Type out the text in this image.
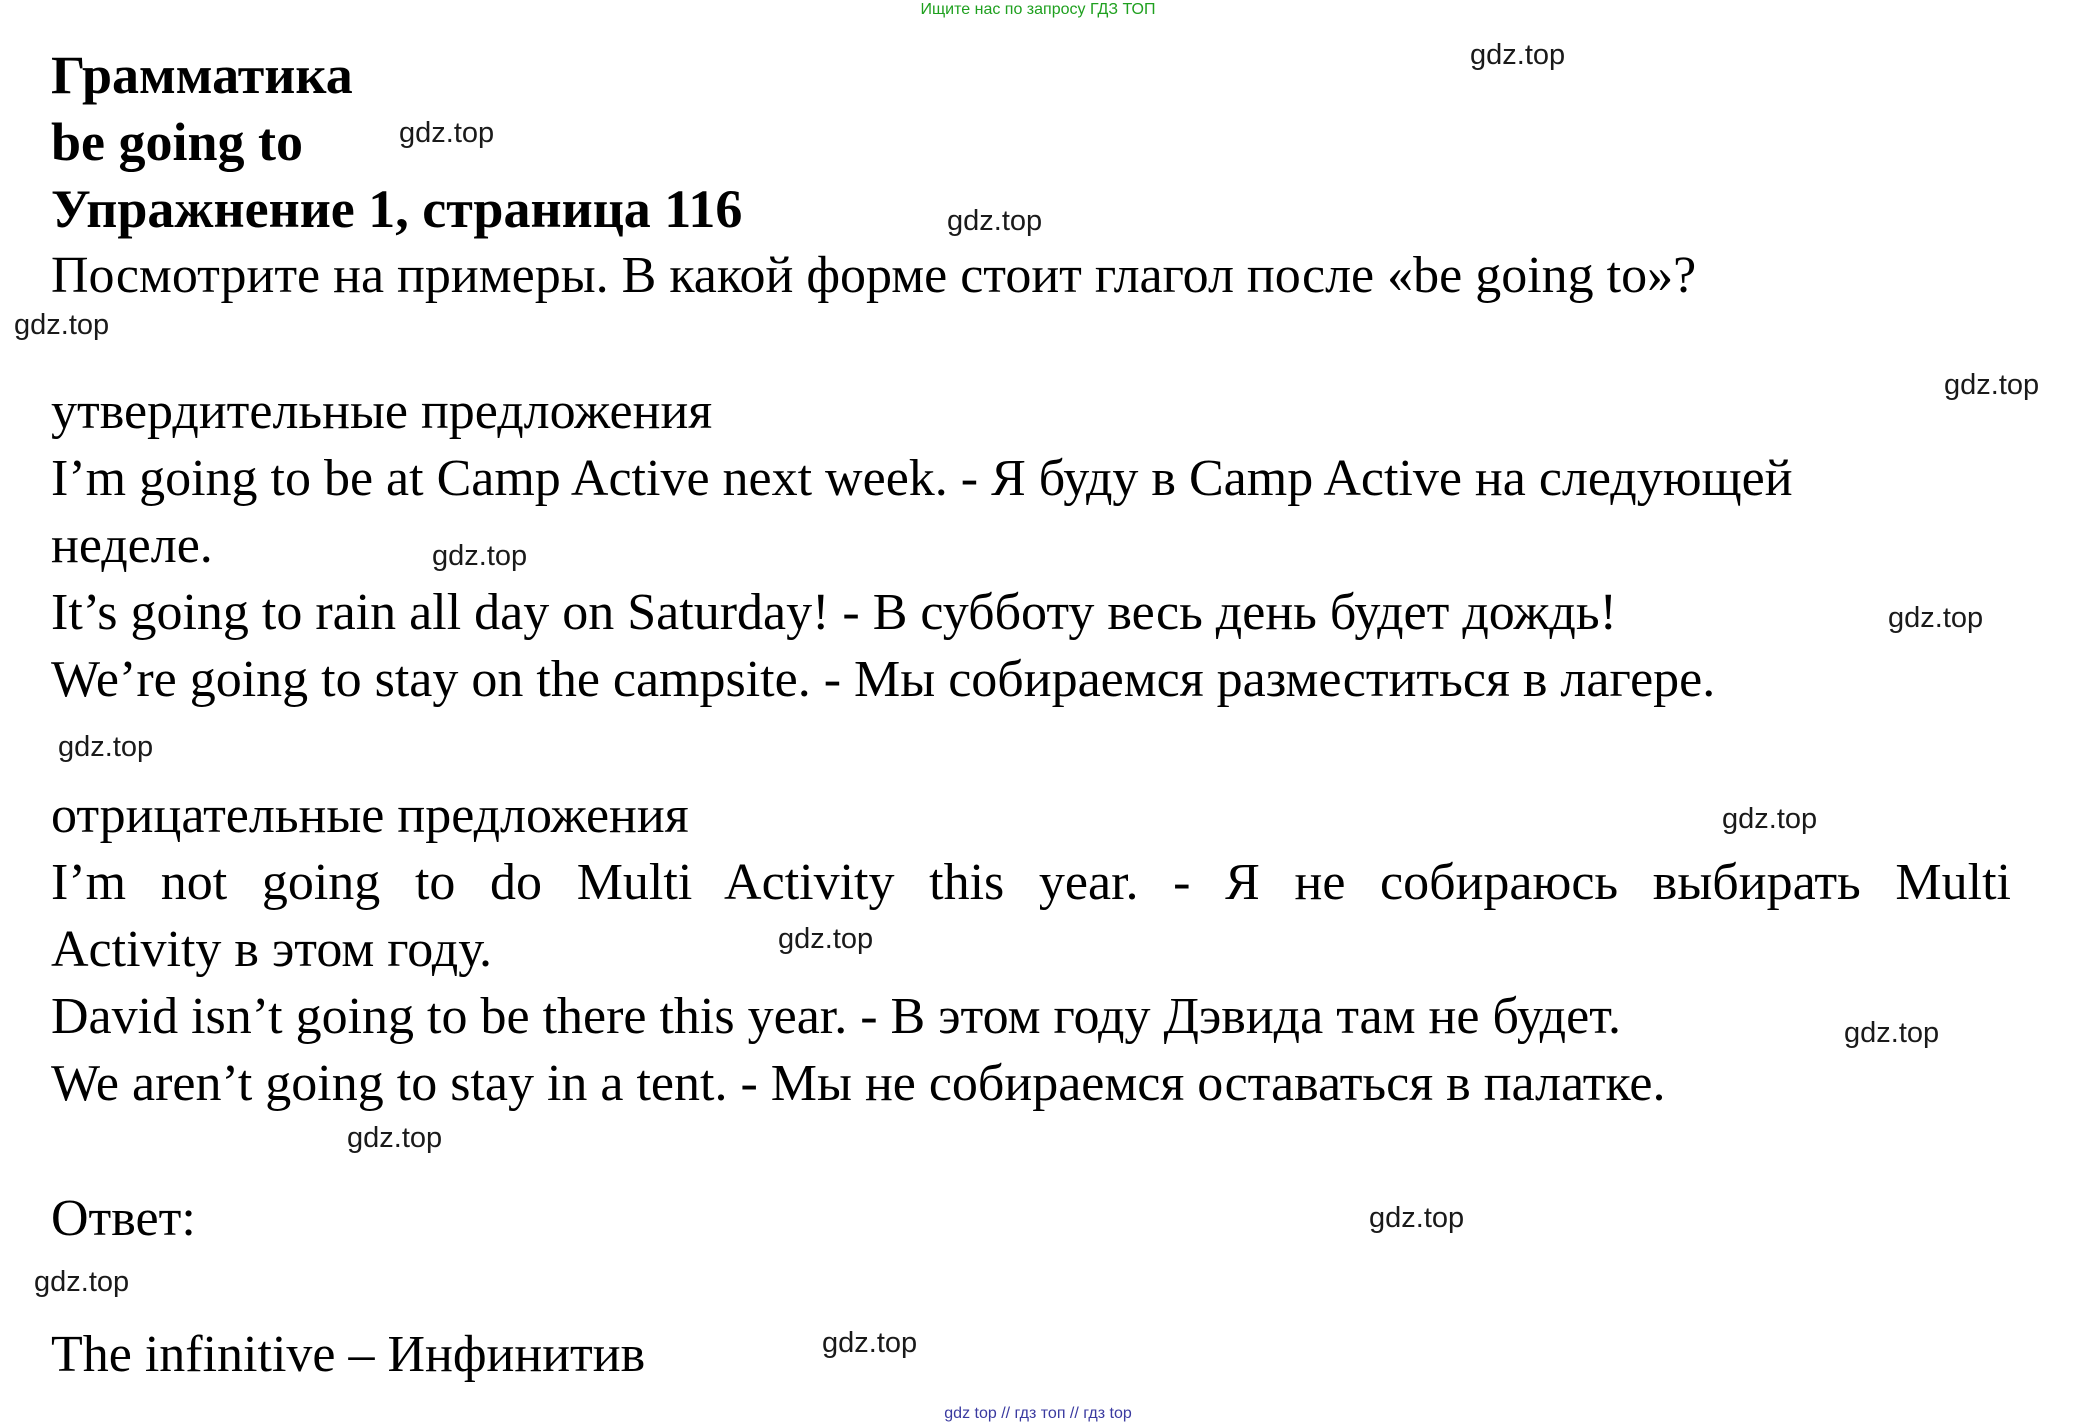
Ищите нас по запросу ГДЗ ТОП
Грамматика
be going to
Упражнение 1, страница 116
Посмотрите на примеры. В какой форме стоит глагол после «be going to»?
утвердительные предложения
I’m going to be at Camp Active next week. - Я буду в Camp Active на следующей
неделе.
It’s going to rain all day on Saturday! - В субботу весь день будет дождь!
We’re going to stay on the campsite. - Мы собираемся разместиться в лагере.
отрицательные предложения
I’m not going to do Multi Activity this year. - Я не собираюсь выбирать Multi
Activity в этом году.
David isn’t going to be there this year. - В этом году Дэвида там не будет.
We aren’t going to stay in a tent. - Мы не собираемся оставаться в палатке.
Ответ:
The infinitive – Инфинитив
gdz.top
gdz.top
gdz.top
gdz.top
gdz.top
gdz.top
gdz.top
gdz.top
gdz.top
gdz.top
gdz.top
gdz.top
gdz.top
gdz.top
gdz.top
gdz top // гдз топ // гдз top
